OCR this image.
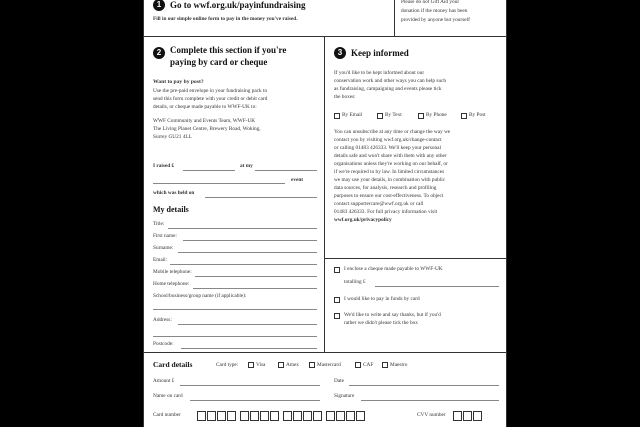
1 Go to wwf.org.uk/payinfundraising
Fill in our simple online form to pay in the money you've raised.
Please do not Gift Aid your
donation if the money has been
provided by anyone but yourself
2 Complete this section if you're
paying by card or cheque
Want to pay by post?
Use the pre-paid envelope in your fundraising pack to
send this form complete with your credit or debit card
details, or cheque made payable to WWF-UK to:
WWF Community and Events Team, WWF-UK
The Living Planet Centre, Brewery Road, Woking,
Surrey GU21 4LL
I raised £	at my
event
which was held on
My details
Title:
First name:
Surname:
Email:
Mobile telephone:
Home telephone:
School/business/group name (if applicable):
Address:
Postcode:
3 Keep informed
If you'd like to be kept informed about our
conservation work and other ways you can help such
as fundraising, campaigning and events please tick
the boxes:
By Email	By Text	By Phone	By Post
You can unsubscribe at any time or change the way we
contact you by visiting wwf.org.uk/change-contact
or calling 01483 426333. We'll keep your personal
details safe and won't share with them with any other
organisations unless they're working on our behalf, or
if we're required to by law. In limited circumstances
we may use your details, in combination with public
data sources, for analysis, research and profiling
purposes to ensure our cost-effectiveness. To object
contact supportercare@wwf.org.uk or call
01483 426333. For full privacy information visit
wwf.org.uk/privacypolicy
I enclose a cheque made payable to WWF-UK
totalling £
I would like to pay in funds by card
We'd like to write and say thanks, but if you'd
rather we didn't please tick the box
Card details	Card type:	Visa	Amex	Mastercard	CAF	Maestro
Amount £	Date
Name on card	Signature
Card number	CVV number
